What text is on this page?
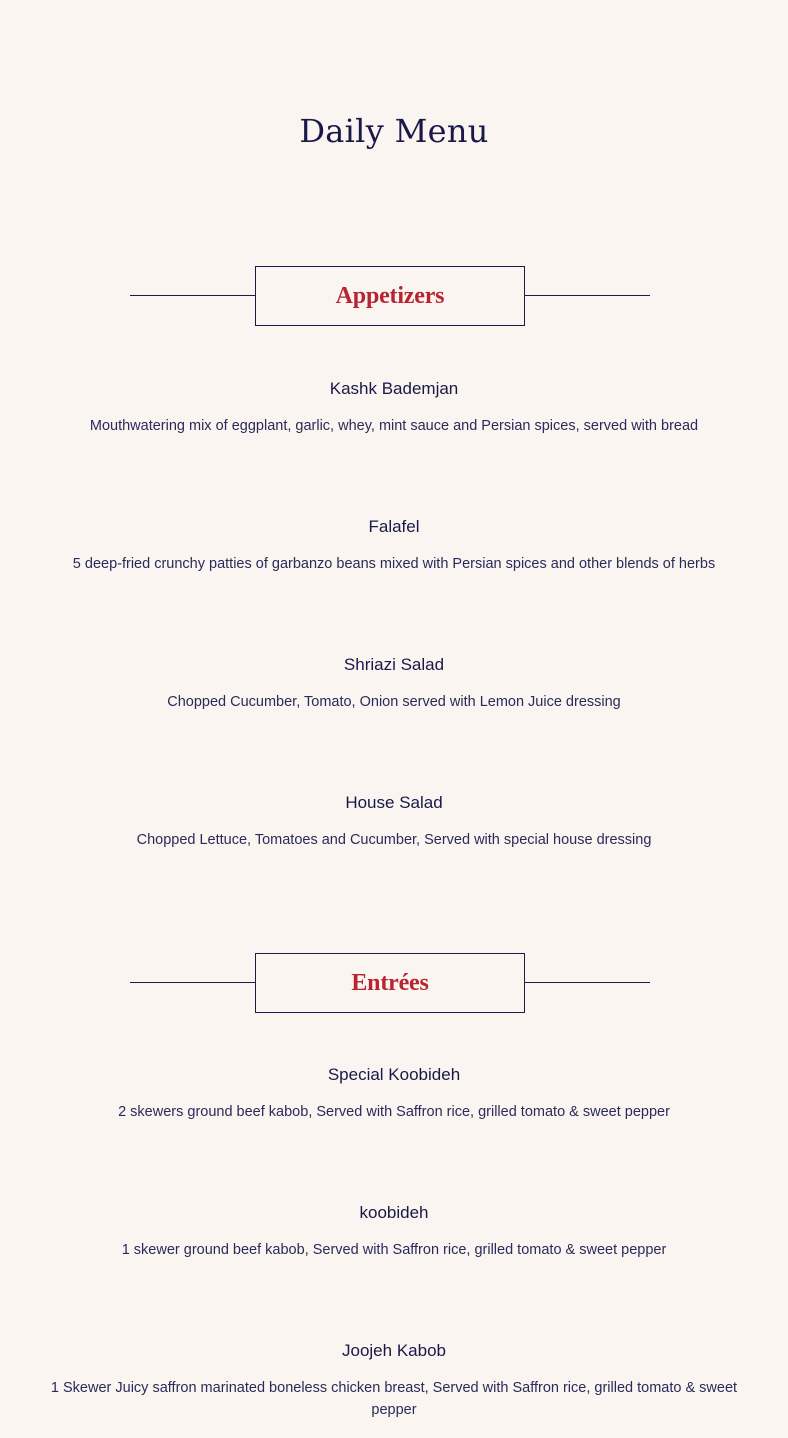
Daily Menu
Appetizers

Kashk Bademjan

Mouthwatering mix of eggplant, garlic, whey, mint sauce and Persian spices, served with bread

Falafel

5 deep-fried crunchy patties of garbanzo beans mixed with Persian spices and other blends of herbs

Shriazi Salad

Chopped Cucumber, Tomato, Onion served with Lemon Juice dressing

House Salad

Chopped Lettuce, Tomatoes and Cucumber, Served with special house dressing

Entrées

Special Koobideh

2 skewers ground beef kabob, Served with Saffron rice, grilled tomato & sweet pepper

koobideh

1 skewer ground beef kabob, Served with Saffron rice, grilled tomato & sweet pepper

Joojeh Kabob

1 Skewer Juicy saffron marinated boneless chicken breast, Served with Saffron rice, grilled tomato & sweet pepper
